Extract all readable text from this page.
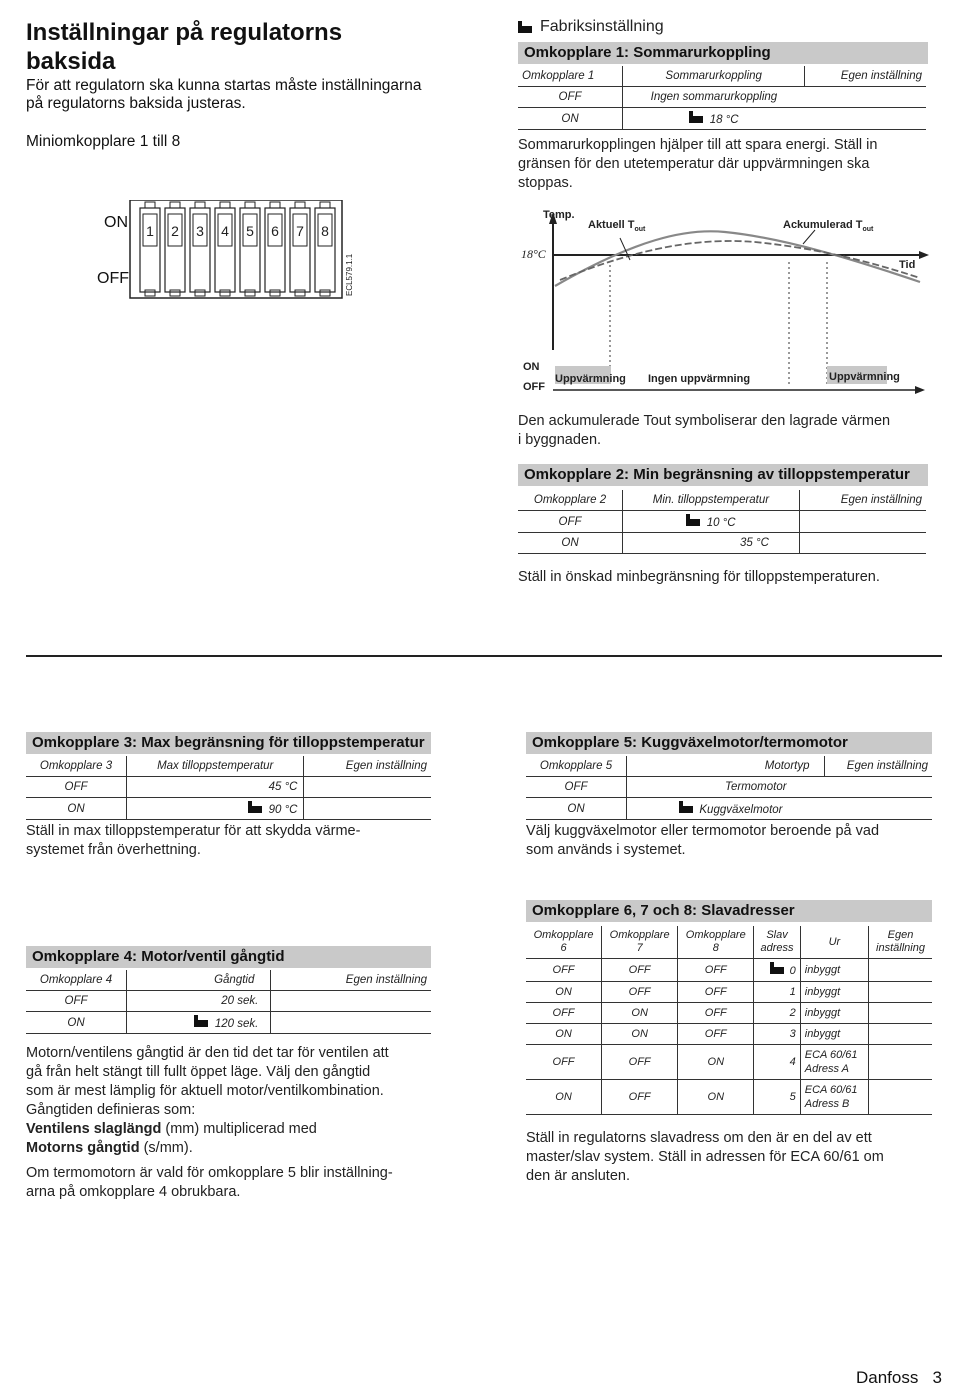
Inställningar på regulatorns
baksida
För att regulatorn ska kunna startas måste inställningarna
på regulatorns baksida justeras.
Miniomkopplare 1 till 8
1 2 3 4 5 6 7 8
ECL579.1.1
ON
OFF
Fabriksinställning
Omkopplare 1: Sommarurkoppling
Omkopplare 1	Sommarurkoppling	Egen inställning
OFF	Ingen sommarurkoppling	
ON	18 °C	
Sommarurkopplingen hjälper till att spara energi. Ställ in
gränsen för den utetemperatur där uppvärmningen ska
stoppas.
Temp.
Aktuell $T_{out}$	Ackumulerad $T_{out}$
18°C
Tid
ON
OFF
Uppvärmning Ingen uppvärmning	Uppvärmning
Den ackumulerade Tout symboliserar den lagrade värmen
i byggnaden.
Omkopplare 2: Min begränsning av tilloppstemperatur
Omkopplare 2	Min. tilloppstemperatur	Egen inställning
OFF	10 °C	
ON	35 °C	
Ställ in önskad minbegränsning för tilloppstemperaturen.
Omkopplare 3: Max begränsning för tilloppstemperatur
Omkopplare 3	Max tilloppstemperatur	Egen inställning
OFF	45 °C	
ON	90 °C	
Ställ in max tilloppstemperatur för att skydda värme-
systemet från överhettning.
Omkopplare 5: Kuggväxelmotor/termomotor
Omkopplare 5	Motortyp	Egen inställning
OFF	Termomotor	
ON	Kuggväxelmotor	
Välj kuggväxelmotor eller termomotor beroende på vad
som används i systemet.
Omkopplare 4: Motor/ventil gångtid
Omkopplare 4	Gångtid	Egen inställning
OFF	20 sek.	
ON	120 sek.	
Motorn/ventilens gångtid är den tid det tar för ventilen att
gå från helt stängt till fullt öppet läge. Välj den gångtid
som är mest lämplig för aktuell motor/ventilkombination.
Gångtiden definieras som:
Ventilens slaglängd (mm) multiplicerad med
Motorns gångtid (s/mm).
Om termomotorn är vald för omkopplare 5 blir inställning-
arna på omkopplare 4 obrukbara.
Omkopplare 6, 7 och 8: Slavadresser
Omkopplare
6	Omkopplare
7	Omkopplare
8	Slav
adress	Ur	Egen
inställning
OFF	OFF	OFF	0	inbyggt	
ON	OFF	OFF	1	inbyggt	
OFF	ON	OFF	2	inbyggt	
ON	ON	OFF	3	inbyggt	
OFF	OFF	ON	4	ECA 60/61
Adress A	
ON	OFF	ON	5	ECA 60/61
Adress B	
Ställ in regulatorns slavadress om den är en del av ett
master/slav system. Ställ in adressen för ECA 60/61 om
den är ansluten.
Danfoss 3
